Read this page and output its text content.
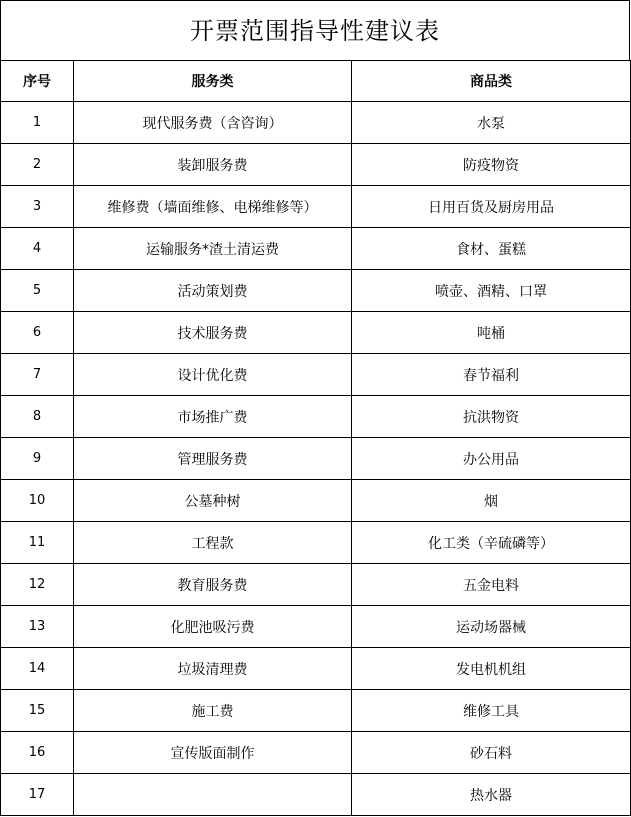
开票范围指导性建议表
序号	服务类	商品类
1	现代服务费（含咨询）	水泵
2	装卸服务费	防疫物资
3	维修费（墙面维修、电梯维修等）	日用百货及厨房用品
4	运输服务*渣土清运费	食材、蛋糕
5	活动策划费	喷壶、酒精、口罩
6	技术服务费	吨桶
7	设计优化费	春节福利
8	市场推广费	抗洪物资
9	管理服务费	办公用品
10	公墓种树	烟
11	工程款	化工类（辛硫磷等）
12	教育服务费	五金电料
13	化肥池吸污费	运动场器械
14	垃圾清理费	发电机机组
15	施工费	维修工具
16	宣传版面制作	砂石料
17		热水器
